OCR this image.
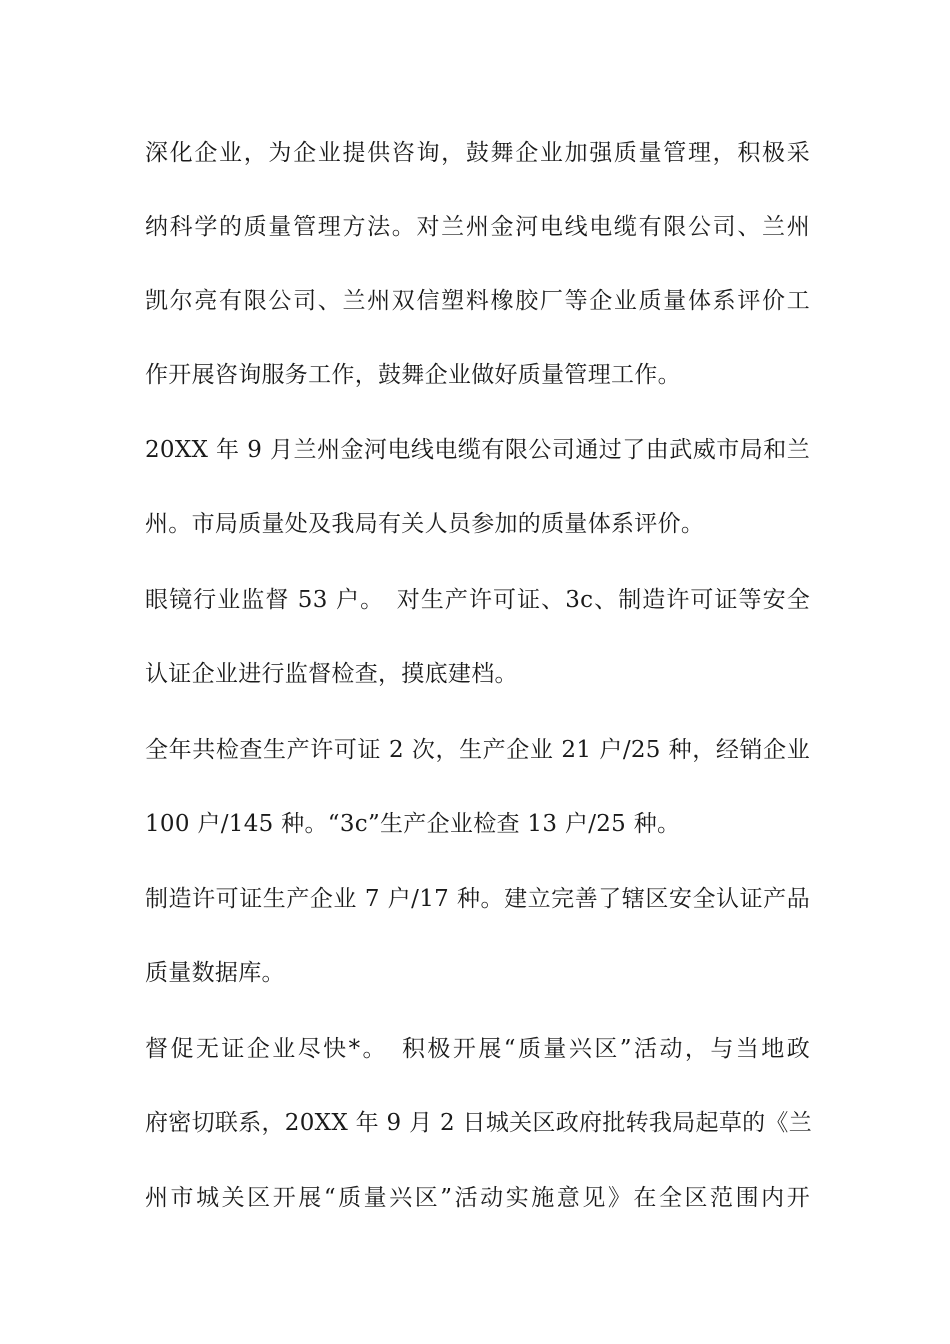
深化企业，为企业提供咨询，鼓舞企业加强质量管理，积极采
纳科学的质量管理方法。对兰州金河电线电缆有限公司、兰州
凯尔亮有限公司、兰州双信塑料橡胶厂等企业质量体系评价工
作开展咨询服务工作，鼓舞企业做好质量管理工作。
20XX 年 9 月兰州金河电线电缆有限公司通过了由武威市局和兰
州。市局质量处及我局有关人员参加的质量体系评价。
眼镜行业监督 53 户。　对生产许可证、3c、制造许可证等安全
认证企业进行监督检查，摸底建档。
全年共检查生产许可证 2 次，生产企业 21 户/25 种，经销企业
100 户/145 种。“3c”生产企业检查 13 户/25 种。
制造许可证生产企业 7 户/17 种。建立完善了辖区安全认证产品
质量数据库。
督促无证企业尽快*。　积极开展“质量兴区”活动，与当地政
府密切联系，20XX 年 9 月 2 日城关区政府批转我局起草的《兰
州市城关区开展“质量兴区”活动实施意见》在全区范围内开
